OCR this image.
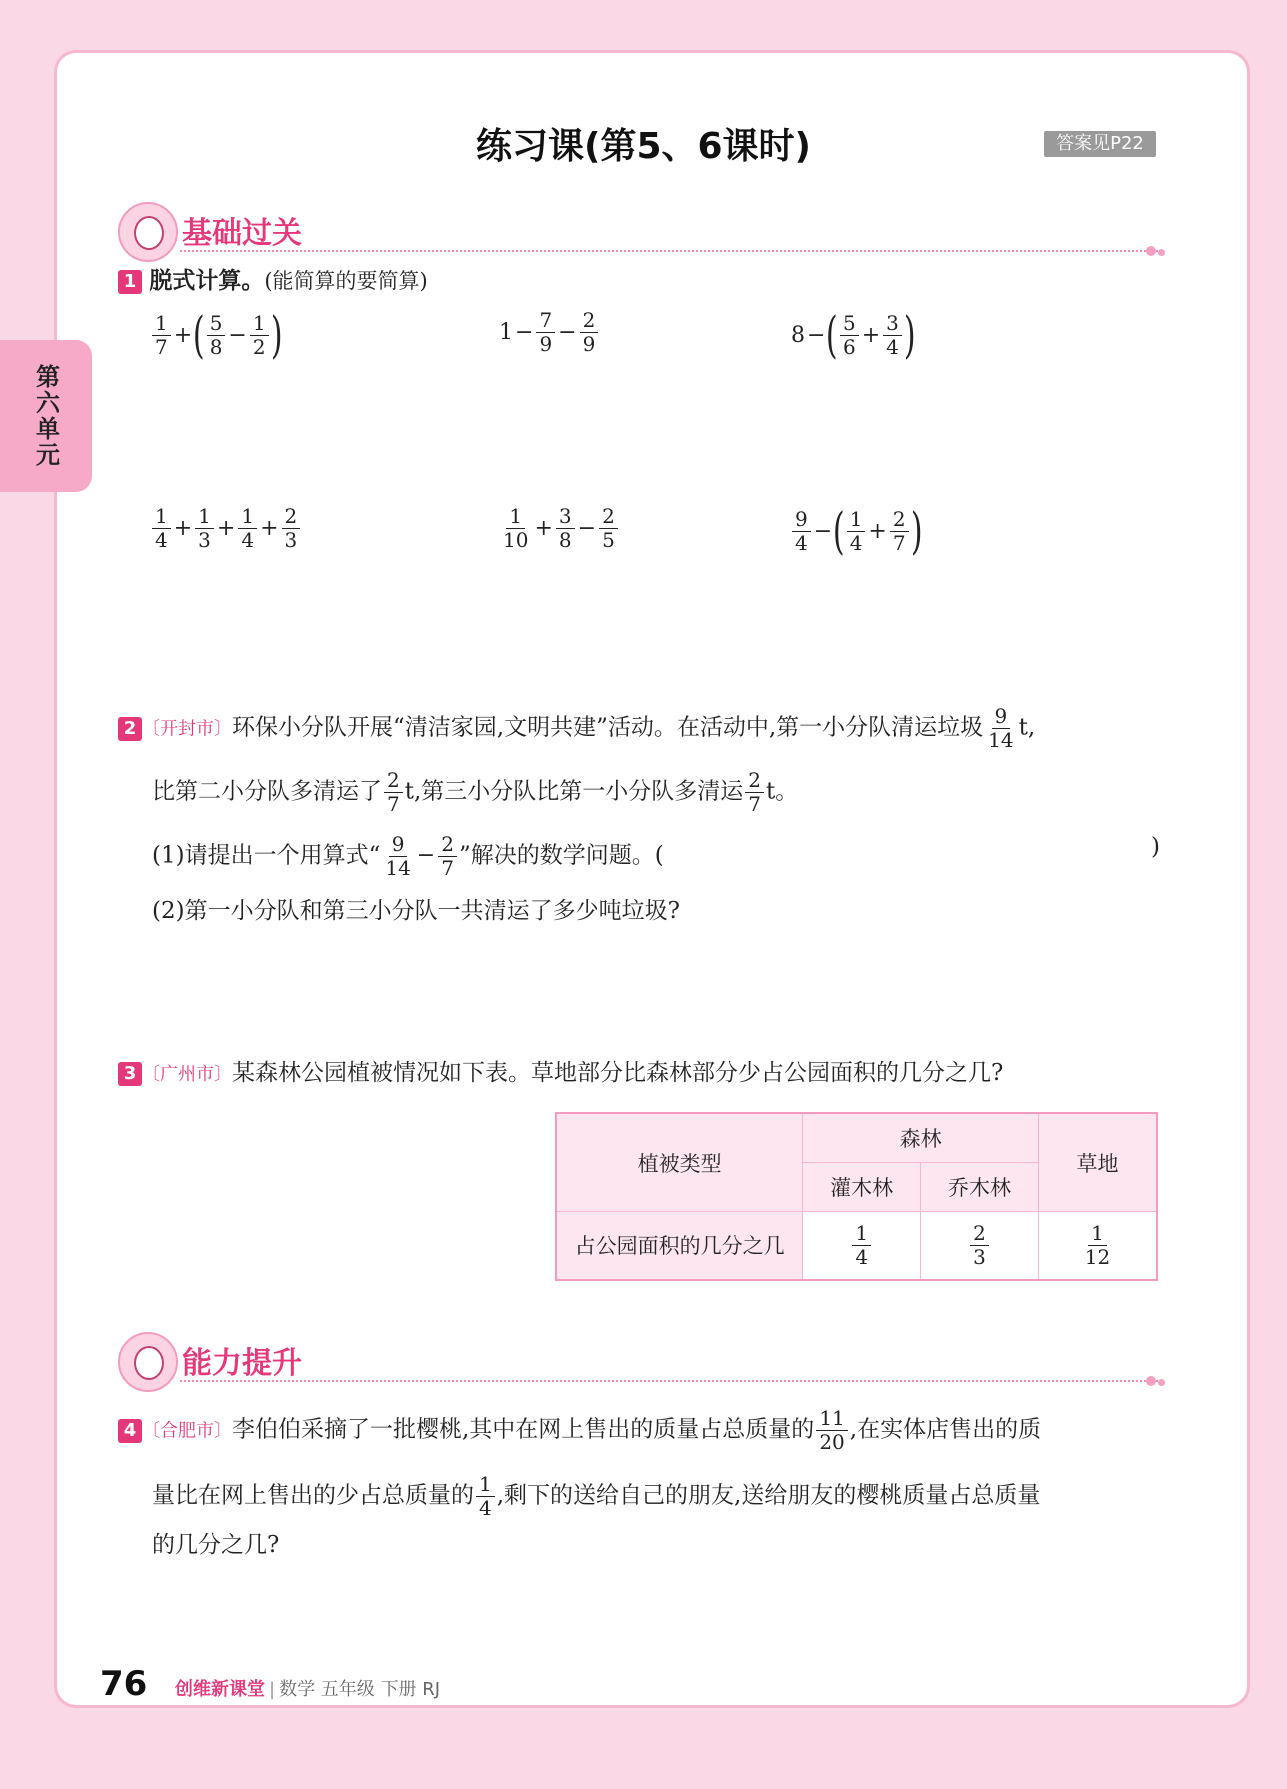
第六单元
练习课(第5、6课时)	答案见P22
基础过关
1 脱式计算。(能简算的要简算)
$\frac{1}{7}$ +( $\frac{5}{8} - \frac{1}{2}$ )	$1- \frac{7}{9} - \frac{2}{9}$	$8-( \frac{5}{6} + \frac{3}{4}$ )
$\frac{1}{4} + \frac{1}{3} + \frac{1}{4} + \frac{2}{3}$	$\frac{1}{10} + \frac{3}{8} - \frac{2}{5}$	$\frac{9}{4}$ −( $\frac{1}{4} + \frac{2}{7}$ )
2 〔开封市〕环保小分队开展“清洁家园,文明共建”活动。在活动中,第一小分队清运垃圾 $\frac{9}{14} t$,
比第二小分队多清运了 $\frac{2}{7} t$,第三小分队比第一小分队多清运 $\frac{2}{7}$ t。
(1)请提出一个用算式“ $\frac{9}{14} - \frac{2}{7}$ ”解决的数学问题。(	)
(2)第一小分队和第三小分队一共清运了多少吨垃圾?
3 〔广州市〕某森林公园植被情况如下表。草地部分比森林部分少占公园面积的几分之几?
植被类型	森林		草地
	灌木林	乔木林	
占公园面积的几分之几	$\frac{1}{4}$	$\frac{2}{3}$	$\frac{1}{12}$
能力提升
4 〔合肥市〕李伯伯采摘了一批樱桃,其中在网上售出的质量占总质量的 $\frac{11}{20}$ ,在实体店售出的质
量比在网上售出的少占总质量的 $\frac{1}{4}$ ,剩下的送给自己的朋友,送给朋友的樱桃质量占总质量
的几分之几?
76 创维新课堂 | 数学 五年级 下册 RJ
